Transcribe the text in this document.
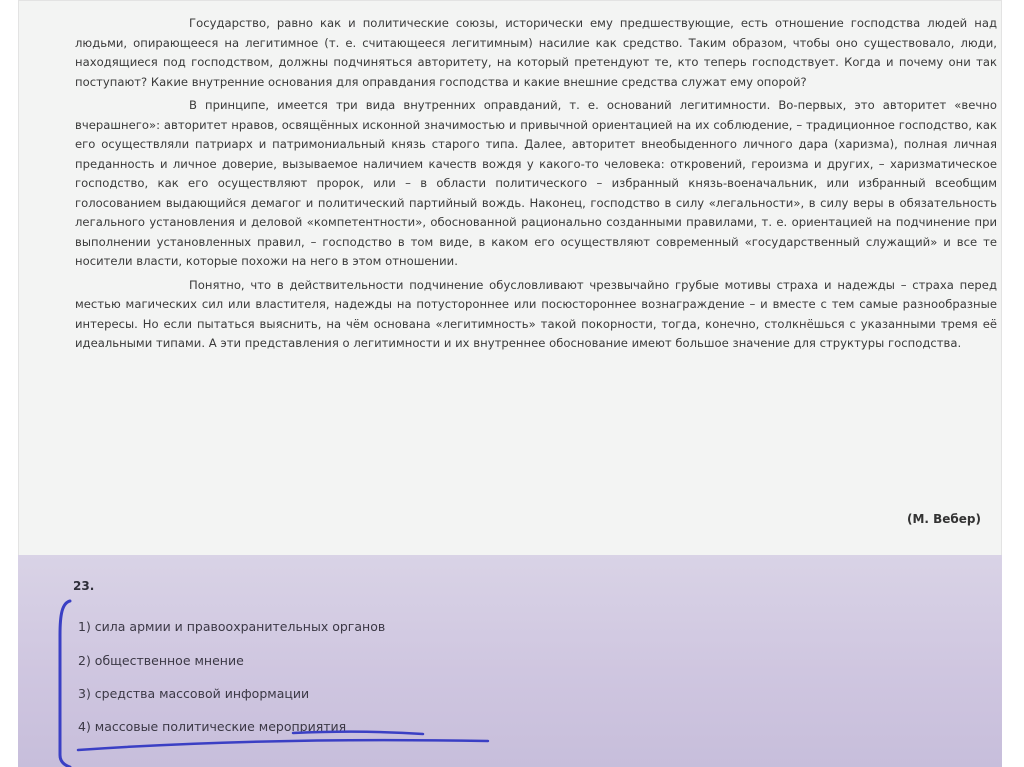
Государство, равно как и политические союзы, исторически ему предшествующие, есть отношение господства людей над людьми, опирающееся на легитимное (т. е. считающееся легитимным) насилие как средство. Таким образом, чтобы оно существовало, люди, находящиеся под господством, должны подчиняться авторитету, на который претендуют те, кто теперь господствует. Когда и почему они так поступают? Какие внутренние основания для оправдания господства и какие внешние средства служат ему опорой?

В принципе, имеется три вида внутренних оправданий, т. е. оснований легитимности. Во-первых, это авторитет «вечно вчерашнего»: авторитет нравов, освящённых исконной значимостью и привычной ориентацией на их соблюдение, – традиционное господство, как его осуществляли патриарх и патримониальный князь старого типа. Далее, авторитет внеобыденного личного дара (харизма), полная личная преданность и личное доверие, вызываемое наличием качеств вождя у какого-то человека: откровений, героизма и других, – харизматическое господство, как его осуществляют пророк, или – в области политического – избранный князь-военачальник, или избранный всеобщим голосованием выдающийся демагог и политический партийный вождь. Наконец, господство в силу «легальности», в силу веры в обязательность легального установления и деловой «компетентности», обоснованной рационально созданными правилами, т. е. ориентацией на подчинение при выполнении установленных правил, – господство в том виде, в каком его осуществляют современный «государственный служащий» и все те носители власти, которые похожи на него в этом отношении.

Понятно, что в действительности подчинение обусловливают чрезвычайно грубые мотивы страха и надежды – страха перед местью магических сил или властителя, надежды на потустороннее или посюстороннее вознаграждение – и вместе с тем самые разнообразные интересы. Но если пытаться выяснить, на чём основана «легитимность» такой покорности, тогда, конечно, столкнёшься с указанными тремя её идеальными типами. А эти представления о легитимности и их внутреннее обоснование имеют большое значение для структуры господства.

(М. Вебер)
23.
1) сила армии и правоохранительных органов
2) общественное мнение
3) средства массовой информации
4) массовые политические мероприятия
